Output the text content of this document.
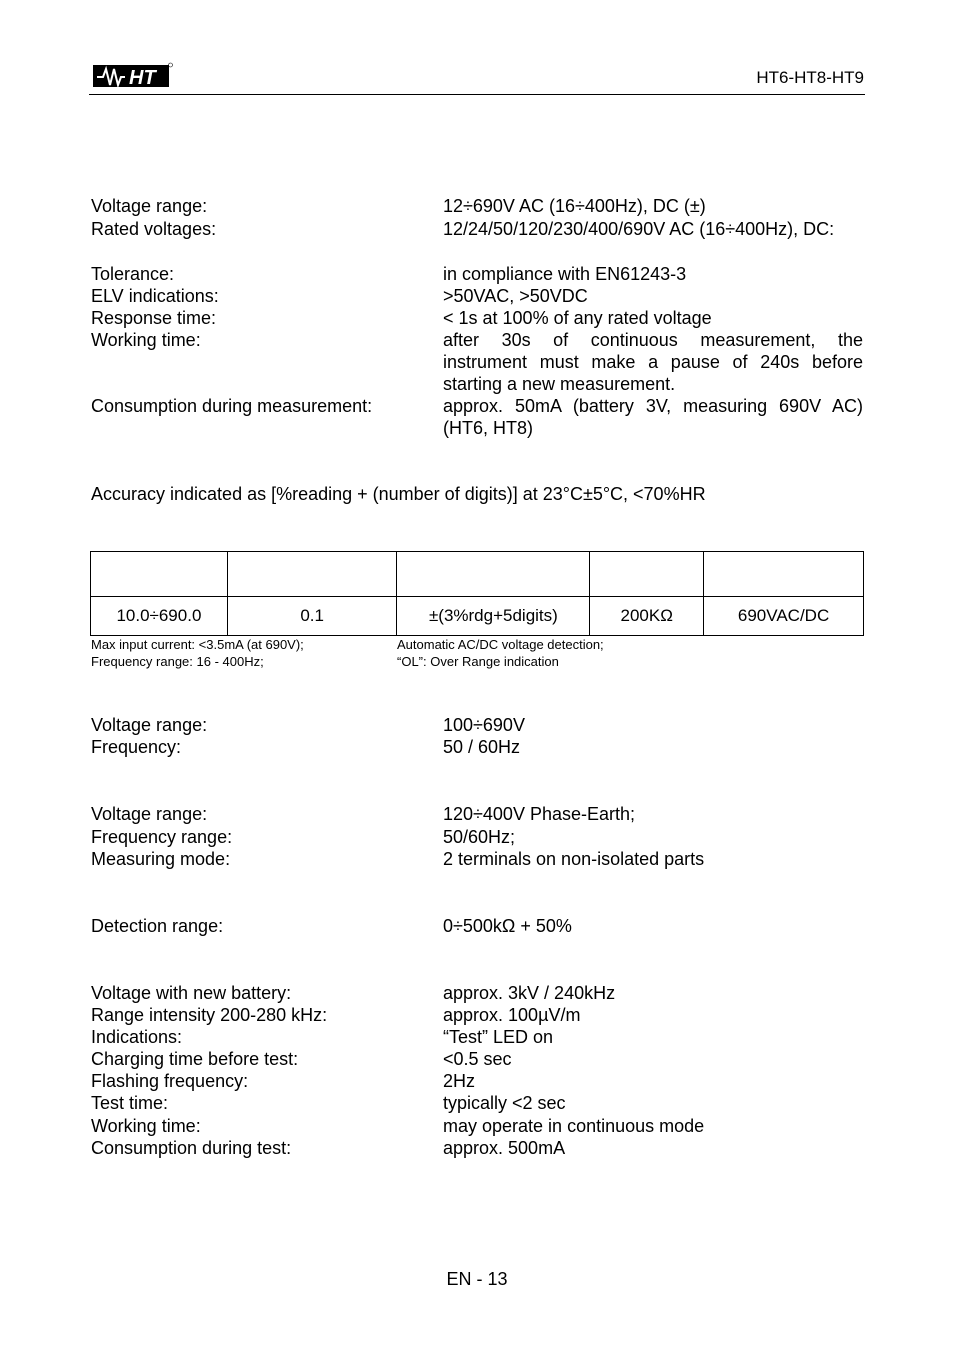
HT	HT6-HT8-HT9
Voltage range:	12÷690V AC (16÷400Hz), DC (±)
Rated voltages:	12/24/50/120/230/400/690V AC (16÷400Hz), DC:
Tolerance:	in compliance with EN61243-3
ELV indications:	>50VAC, >50VDC
Response time:	< 1s at 100% of any rated voltage
Working time:	after 30s of continuous measurement, the instrument must make a pause of 240s before starting a new measurement.
Consumption during measurement:	approx. 50mA (battery 3V, measuring 690V AC) (HT6, HT8)
Accuracy indicated as [%reading + (number of digits)] at 23°C±5°C, <70%HR

10.0÷690.0	0.1	±(3%rdg+5digits)	200KΩ	690VAC/DC
Max input current: <3.5mA (at 690V);
Frequency range: 16 - 400Hz;
Automatic AC/DC voltage detection;
“OL”: Over Range indication
Voltage range:	100÷690V
Frequency:	50 / 60Hz
Voltage range:	120÷400V Phase-Earth;
Frequency range:	50/60Hz;
Measuring mode:	2 terminals on non-isolated parts
Detection range:	0÷500kΩ + 50%
Voltage with new battery:	approx. 3kV / 240kHz
Range intensity 200-280 kHz:	approx. 100µV/m
Indications:	“Test” LED on
Charging time before test:	<0.5 sec
Flashing frequency:	2Hz
Test time:	typically <2 sec
Working time:	may operate in continuous mode
Consumption during test:	approx. 500mA
EN - 13
